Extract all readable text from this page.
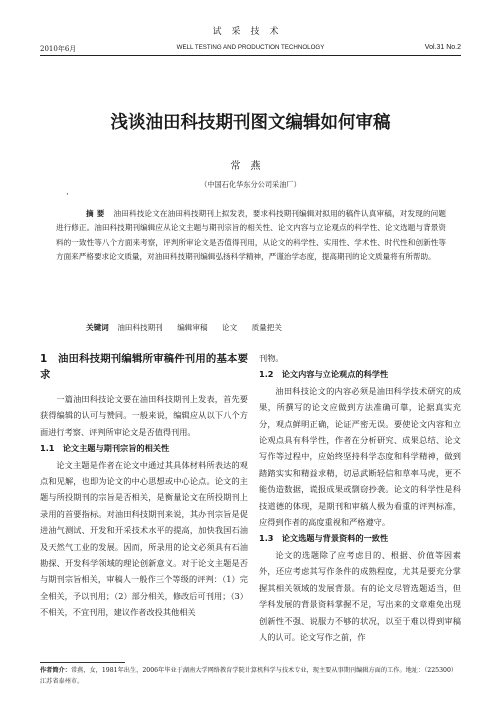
试采技术
2010年6月	WELL TESTING AND PRODUCTION TECHNOLOGY	Vol.31 No.2
浅谈油田科技期刊图文编辑如何审稿
常燕
（中国石化华东分公司采油厂）
·
摘要 油田科技论文在油田科技期刊上拟发表，要求科技期刊编辑对拟用的稿件认真审稿，对发现的问题进行修正。油田科技期刊编辑应从论文主题与期刊宗旨的相关性、论文内容与立论观点的科学性、论文选题与背景资料的一致性等八个方面来考察，评判所审论文是否值得刊用，从论文的科学性、实用性、学术性、时代性和创新性等方面来严格要求论文质量，对油田科技期刊编辑弘扬科学精神，严谨治学态度，提高期刊的论文质量将有所帮助。
关键词 油田科技期刊 编辑审稿 论文 质量把关
1　油田科技期刊编辑所审稿件刊用的基本要求

一篇油田科技论文要在油田科技期刊上发表，首先要获得编辑的认可与赞同。一般来说，编辑应从以下八个方面进行考察、评判所审论文是否值得刊用。

1.1　论文主题与期刊宗旨的相关性

论文主题是作者在论文中通过其具体材料所表达的观点和见解，也即为论文的中心思想或中心论点。论文的主题与所投期刊的宗旨是否相关，是衡量论文在所投期刊上录用的首要指标。对油田科技期刊来说，其办刊宗旨是促进油气测试、开发和开采技术水平的提高，加快我国石油及天然气工业的发展。因而，所录用的论文必须具有石油勘探、开发科学领域的理论创新意义。对于论文主题是否与期刊宗旨相关，审稿人一般作三个等级的评判：（1）完全相关，予以刊用；（2）部分相关，修改后可刊用；（3）不相关，不宜刊用，建议作者改投其他相关

刊物。

1.2　论文内容与立论观点的科学性

油田科技论文的内容必须是油田科学技术研究的成果，所撰写的论文应做到方法准确可靠，论据真实充分，观点鲜明正确，论证严密无误。要使论文内容和立论观点具有科学性，作者在分析研究、成果总结、论文写作等过程中，应始终坚持科学态度和科学精神，做到踏踏实实和精益求精，切忌武断轻信和草率马虎，更不能伪造数据，谎报成果或剽窃抄袭。论文的科学性是科技道德的体现，是期刊和审稿人极为看重的评判标准，应得到作者的高度重视和严格遵守。

1.3　论文选题与背景资料的一致性

论文的选题除了应考虑目的、根据、价值等因素外，还应考虑其写作条件的成熟程度，尤其是要充分掌握其相关领域的发展背景。有的论文尽管选题适当，但学科发展的背景资料掌握不足，写出来的文章难免出现创新性不强、说服力不够的状况，以至于难以得到审稿人的认可。论文写作之前，作

作者简介：常燕，女，1981年出生，2006年毕业于湖南大学网络教育学院计算机科学与技术专业，现主要从事期刊编辑方面的工作。地址：（225300）江苏省泰州市。
